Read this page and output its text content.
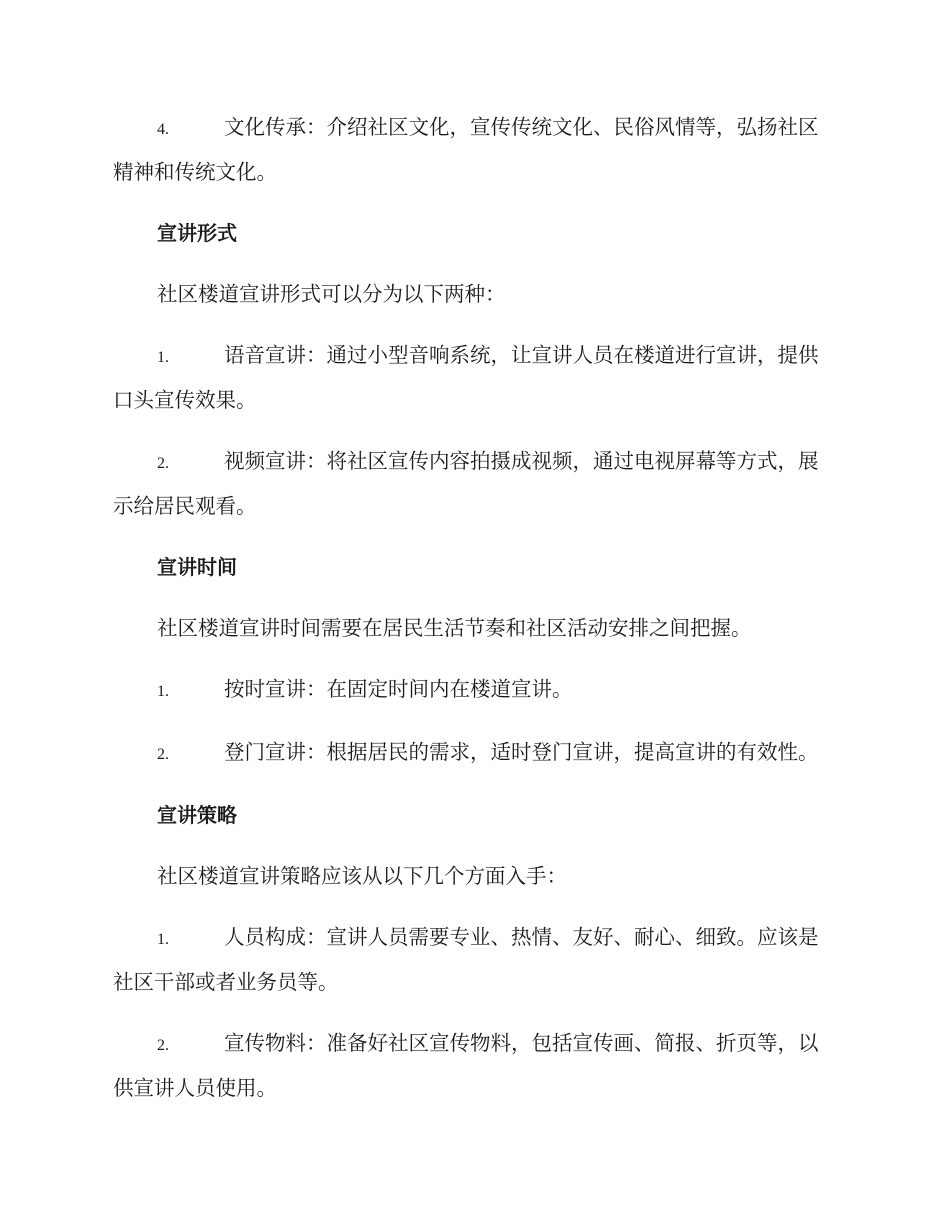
4.	文化传承：介绍社区文化，宣传传统文化、民俗风情等，弘扬社区精神和传统文化。

宣讲形式

社区楼道宣讲形式可以分为以下两种：

1.	语音宣讲：通过小型音响系统，让宣讲人员在楼道进行宣讲，提供口头宣传效果。

2.	视频宣讲：将社区宣传内容拍摄成视频，通过电视屏幕等方式，展示给居民观看。

宣讲时间

社区楼道宣讲时间需要在居民生活节奏和社区活动安排之间把握。

1.	按时宣讲：在固定时间内在楼道宣讲。

2.	登门宣讲：根据居民的需求，适时登门宣讲，提高宣讲的有效性。

宣讲策略

社区楼道宣讲策略应该从以下几个方面入手：

1.	人员构成：宣讲人员需要专业、热情、友好、耐心、细致。应该是社区干部或者业务员等。

2.	宣传物料：准备好社区宣传物料，包括宣传画、简报、折页等，以供宣讲人员使用。
